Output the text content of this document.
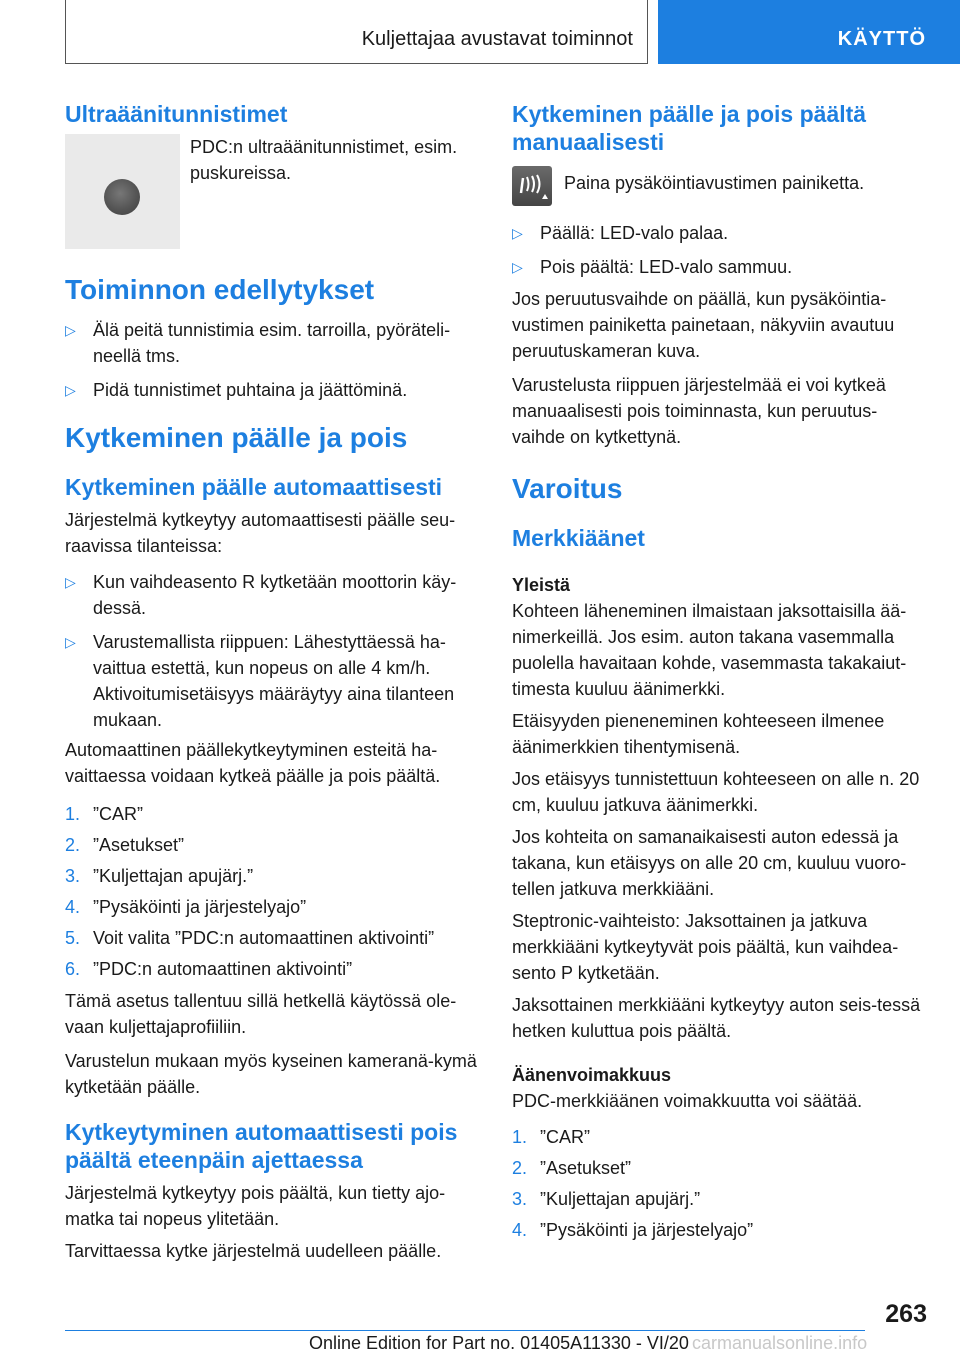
Kuljettajaa avustavat toiminnot	KÄYTTÖ
Ultraäänitunnistimet

PDC:n ultraäänitunnistimet, esim. puskureissa.

Toiminnon edellytykset
▷ Älä peitä tunnistimia esim. tarroilla, pyöräteli-neellä tms.
▷ Pidä tunnistimet puhtaina ja jäättöminä.
Kytkeminen päälle ja pois
Kytkeminen päälle automaattisesti

Järjestelmä kytkeytyy automaattisesti päälle seu-raavissa tilanteissa:

▷ Kun vaihdeasento R kytketään moottorin käy-dessä.
▷ Varustemallista riippuen: Lähestyttäessä ha-vaittua estettä, kun nopeus on alle 4 km/h. Aktivoitumisetäisyys määräytyy aina tilanteen mukaan.

Automaattinen päällekytkeytyminen esteitä ha-vaittaessa voidaan kytkeä päälle ja pois päältä.

1. ”CAR”
2. ”Asetukset”
3. ”Kuljettajan apujärj.”
4. ”Pysäköinti ja järjestelyajo”
5. Voit valita ”PDC:n automaattinen aktivointi”
6. ”PDC:n automaattinen aktivointi”

Tämä asetus tallentuu sillä hetkellä käytössä ole-vaan kuljettajaprofiiliin.

Varustelun mukaan myös kyseinen kameranä-kymä kytketään päälle.

Kytkeytyminen automaattisesti pois päältä eteenpäin ajettaessa

Järjestelmä kytkeytyy pois päältä, kun tietty ajo-matka tai nopeus ylitetään.

Tarvittaessa kytke järjestelmä uudelleen päälle.

Kytkeminen päälle ja pois päältä manuaalisesti

Paina pysäköintiavustimen painiketta.

▷ Päällä: LED-valo palaa.
▷ Pois päältä: LED-valo sammuu.

Jos peruutusvaihde on päällä, kun pysäköintia-vustimen painiketta painetaan, näkyviin avautuu peruutuskameran kuva.

Varustelusta riippuen järjestelmää ei voi kytkeä manuaalisesti pois toiminnasta, kun peruutus-vaihde on kytkettynä.

Varoitus
Merkkiäänet
Yleistä

Kohteen läheneminen ilmaistaan jaksottaisilla ää-nimerkeillä. Jos esim. auton takana vasemmalla puolella havaitaan kohde, vasemmasta takakaiut-timesta kuuluu äänimerkki.

Etäisyyden pieneneminen kohteeseen ilmenee äänimerkkien tihentymisenä.

Jos etäisyys tunnistettuun kohteeseen on alle n. 20 cm, kuuluu jatkuva äänimerkki.

Jos kohteita on samanaikaisesti auton edessä ja takana, kun etäisyys on alle 20 cm, kuuluu vuoro-tellen jatkuva merkkiääni.

Steptronic-vaihteisto: Jaksottainen ja jatkuva merkkiääni kytkeytyvät pois päältä, kun vaihdea-sento P kytketään.

Jaksottainen merkkiääni kytkeytyy auton seis-tessä hetken kuluttua pois päältä.

Äänenvoimakkuus

PDC-merkkiäänen voimakkuutta voi säätää.

1. ”CAR”
2. ”Asetukset”
3. ”Kuljettajan apujärj.”
4. ”Pysäköinti ja järjestelyajo”
263
Online Edition for Part no. 01405A11330 - VI/20 carmanualsonline.info
